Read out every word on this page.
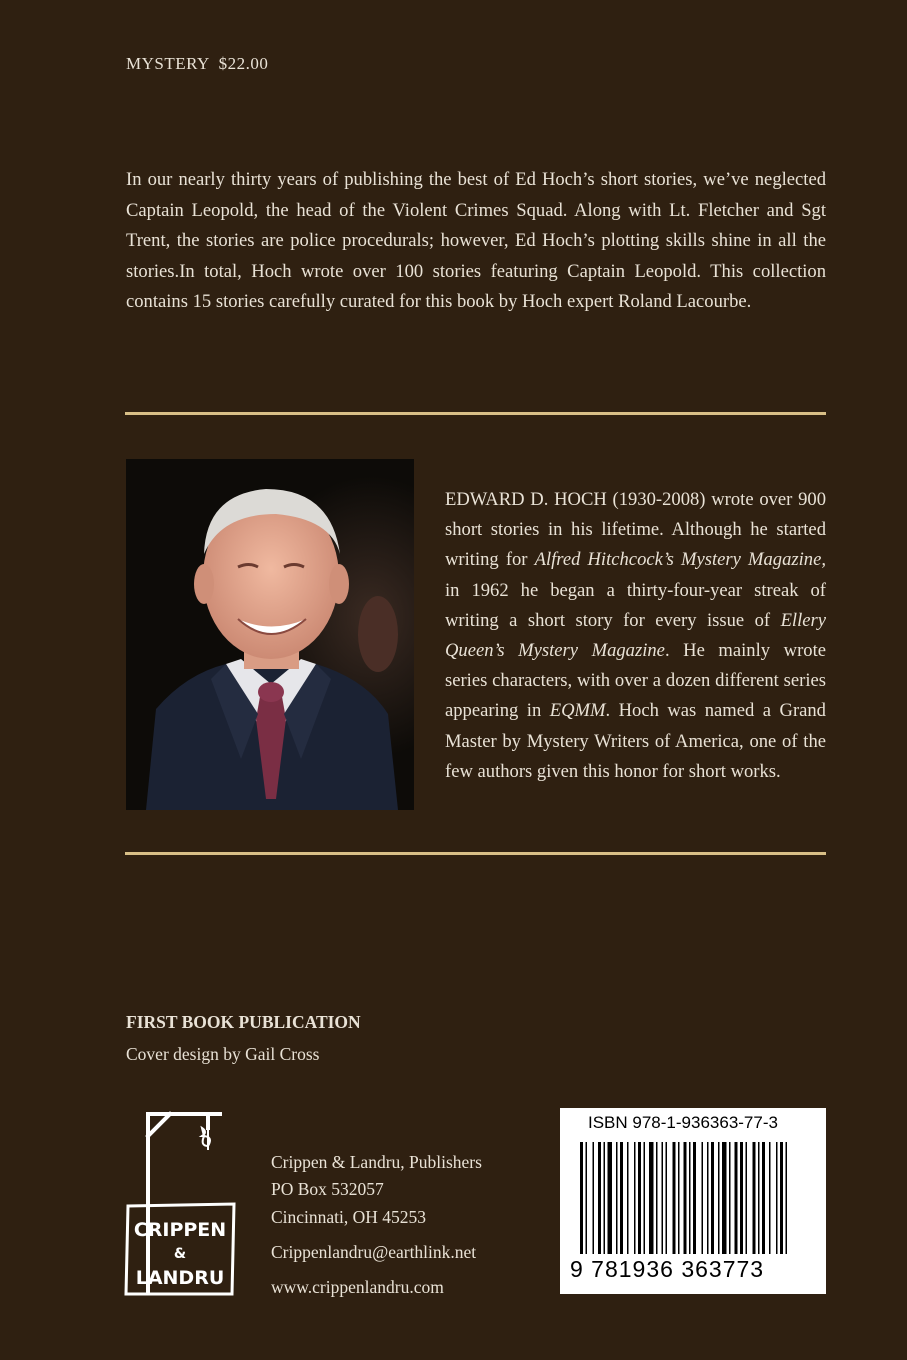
MYSTERY  $22.00

In our nearly thirty years of publishing the best of Ed Hoch’s short stories, we’ve neglected Captain Leopold, the head of the Violent Crimes Squad. Along with Lt. Fletcher and Sgt Trent, the stories are police procedurals; however, Ed Hoch’s plotting skills shine in all the stories.In total, Hoch wrote over 100 stories featuring Captain Leopold. This collection contains 15 stories carefully curated for this book by Hoch expert Roland Lacourbe.

EDWARD D. HOCH (1930-2008) wrote over 900 short stories in his lifetime. Although he started writing for Alfred Hitchcock’s Mystery Magazine, in 1962 he began a thirty-four-year streak of writing a short story for every issue of Ellery Queen’s Mystery Magazine. He mainly wrote series characters, with over a dozen different series appearing in EQMM. Hoch was named a Grand Master by Mystery Writers of America, one of the few authors given this honor for short works.

FIRST BOOK PUBLICATION
Cover design by Gail Cross
CRIPPEN
&
LANDRU
Crippen & Landru, Publishers
PO Box 532057
Cincinnati, OH 45253
Crippenlandru@earthlink.net
www.crippenlandru.com
ISBN 978-1-936363-77-3
9 781936 363773
